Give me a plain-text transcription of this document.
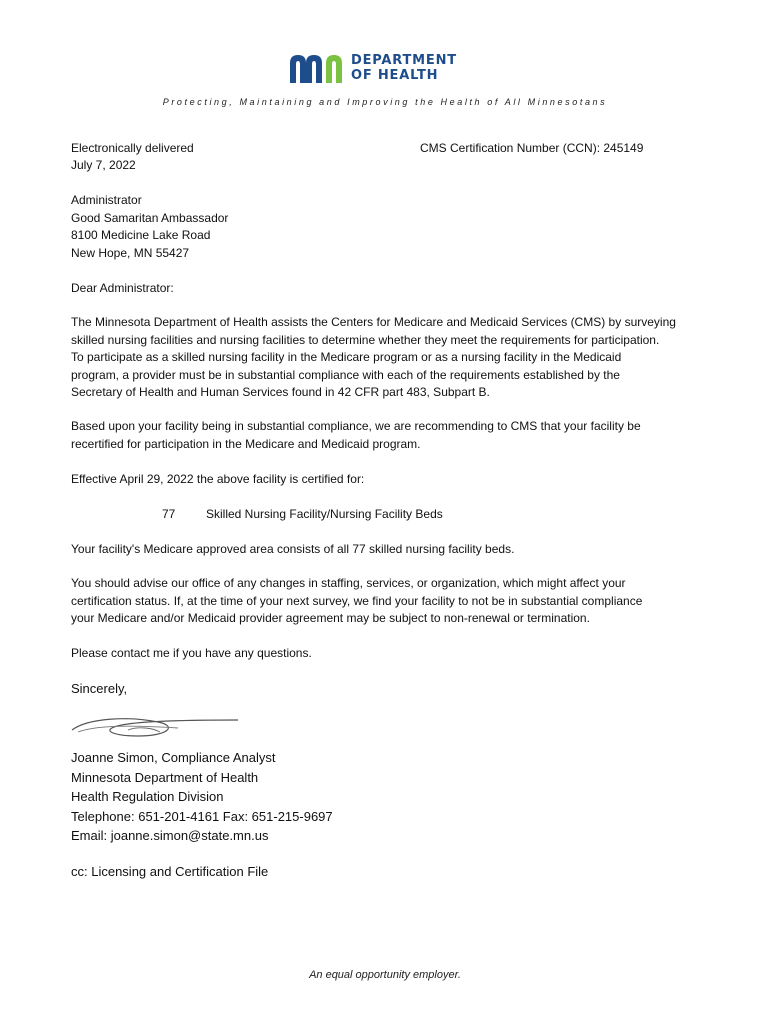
DEPARTMENT
OF HEALTH
Protecting, Maintaining and Improving the Health of All Minnesotans
Electronically delivered
July 7, 2022
CMS Certification Number (CCN): 245149
Administrator
Good Samaritan Ambassador
8100 Medicine Lake Road
New Hope, MN 55427
Dear Administrator:
The Minnesota Department of Health assists the Centers for Medicare and Medicaid Services (CMS) by surveying
skilled nursing facilities and nursing facilities to determine whether they meet the requirements for participation.
To participate as a skilled nursing facility in the Medicare program or as a nursing facility in the Medicaid
program, a provider must be in substantial compliance with each of the requirements established by the
Secretary of Health and Human Services found in 42 CFR part 483, Subpart B.
Based upon your facility being in substantial compliance, we are recommending to CMS that your facility be
recertified for participation in the Medicare and Medicaid program.
Effective April 29, 2022 the above facility is certified for:
77	Skilled Nursing Facility/Nursing Facility Beds
Your facility's Medicare approved area consists of all 77 skilled nursing facility beds.
You should advise our office of any changes in staffing, services, or organization, which might affect your
certification status. If, at the time of your next survey, we find your facility to not be in substantial compliance
your Medicare and/or Medicaid provider agreement may be subject to non-renewal or termination.
Please contact me if you have any questions.
Sincerely,
Joanne Simon, Compliance Analyst
Minnesota Department of Health
Health Regulation Division
Telephone: 651-201-4161 Fax: 651-215-9697
Email: joanne.simon@state.mn.us
cc: Licensing and Certification File
An equal opportunity employer.
